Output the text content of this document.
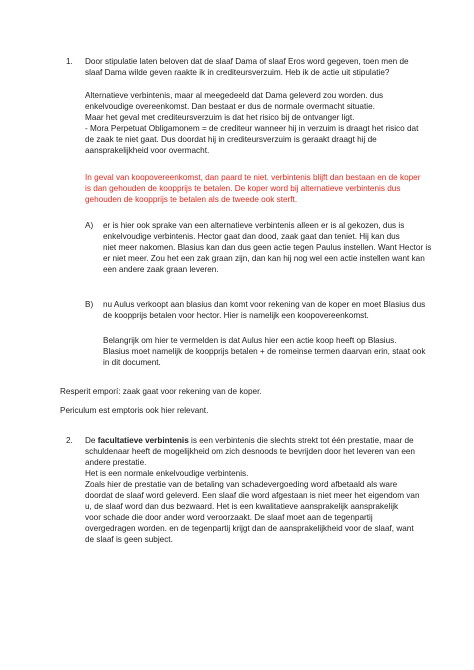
1. Door stipulatie laten beloven dat de slaaf Dama of slaaf Eros word gegeven, toen men de
slaaf Dama wilde geven raakte ik in crediteursverzuim. Heb ik de actie uit stipulatie?
Alternatieve verbintenis, maar al meegedeeld dat Dama geleverd zou worden. dus
enkelvoudige overeenkomst. Dan bestaat er dus de normale overmacht situatie.
Maar het geval met crediteursverzuim is dat het risico bij de ontvanger ligt.
- Mora Perpetuat Obligamonem = de crediteur wanneer hij in verzuim is draagt het risico dat
de zaak te niet gaat. Dus doordat hij in crediteursverzuim is geraakt draagt hij de
aansprakelijkheid voor overmacht.
In geval van koopovereenkomst, dan paard te niet. verbintenis blijft dan bestaan en de koper
is dan gehouden de koopprijs te betalen. De koper word bij alternatieve verbintenis dus
gehouden de koopprijs te betalen als de tweede ook sterft.
A) er is hier ook sprake van een alternatieve verbintenis alleen er is al gekozen, dus is
enkelvoudige verbintenis. Hector gaat dan dood, zaak gaat dan teniet. Hij kan dus
niet meer nakomen. Blasius kan dan dus geen actie tegen Paulus instellen. Want Hector is
er niet meer. Zou het een zak graan zijn, dan kan hij nog wel een actie instellen want kan
een andere zaak graan leveren.
B) nu Aulus verkoopt aan blasius dan komt voor rekening van de koper en moet Blasius dus
de koopprijs betalen voor hector. Hier is namelijk een koopovereenkomst.
Belangrijk om hier te vermelden is dat Aulus hier een actie koop heeft op Blasius.
Blasius moet namelijk de koopprijs betalen + de romeinse termen daarvan erin, staat ook
in dit document.
Resperit emporí: zaak gaat voor rekening van de koper.
Periculum est emptoris ook hier relevant.
2. De facultatieve verbintenis is een verbintenis die slechts strekt tot één prestatie, maar de
schuldenaar heeft de mogelijkheid om zich desnoods te bevrijden door het leveren van een
andere prestatie.
Het is een normale enkelvoudige verbintenis.
Zoals hier de prestatie van de betaling van schadevergoeding word afbetaald als ware
doordat de slaaf word geleverd. Een slaaf die word afgestaan is niet meer het eigendom van
u, de slaaf word dan dus bezwaard. Het is een kwalitatieve aansprakelijk aansprakelijk
voor schade die door ander word veroorzaakt. De slaaf moet aan de tegenpartij
overgedragen worden. en de tegenpartij krijgt dan de aansprakelijkheid voor de slaaf, want
de slaaf is geen subject.
